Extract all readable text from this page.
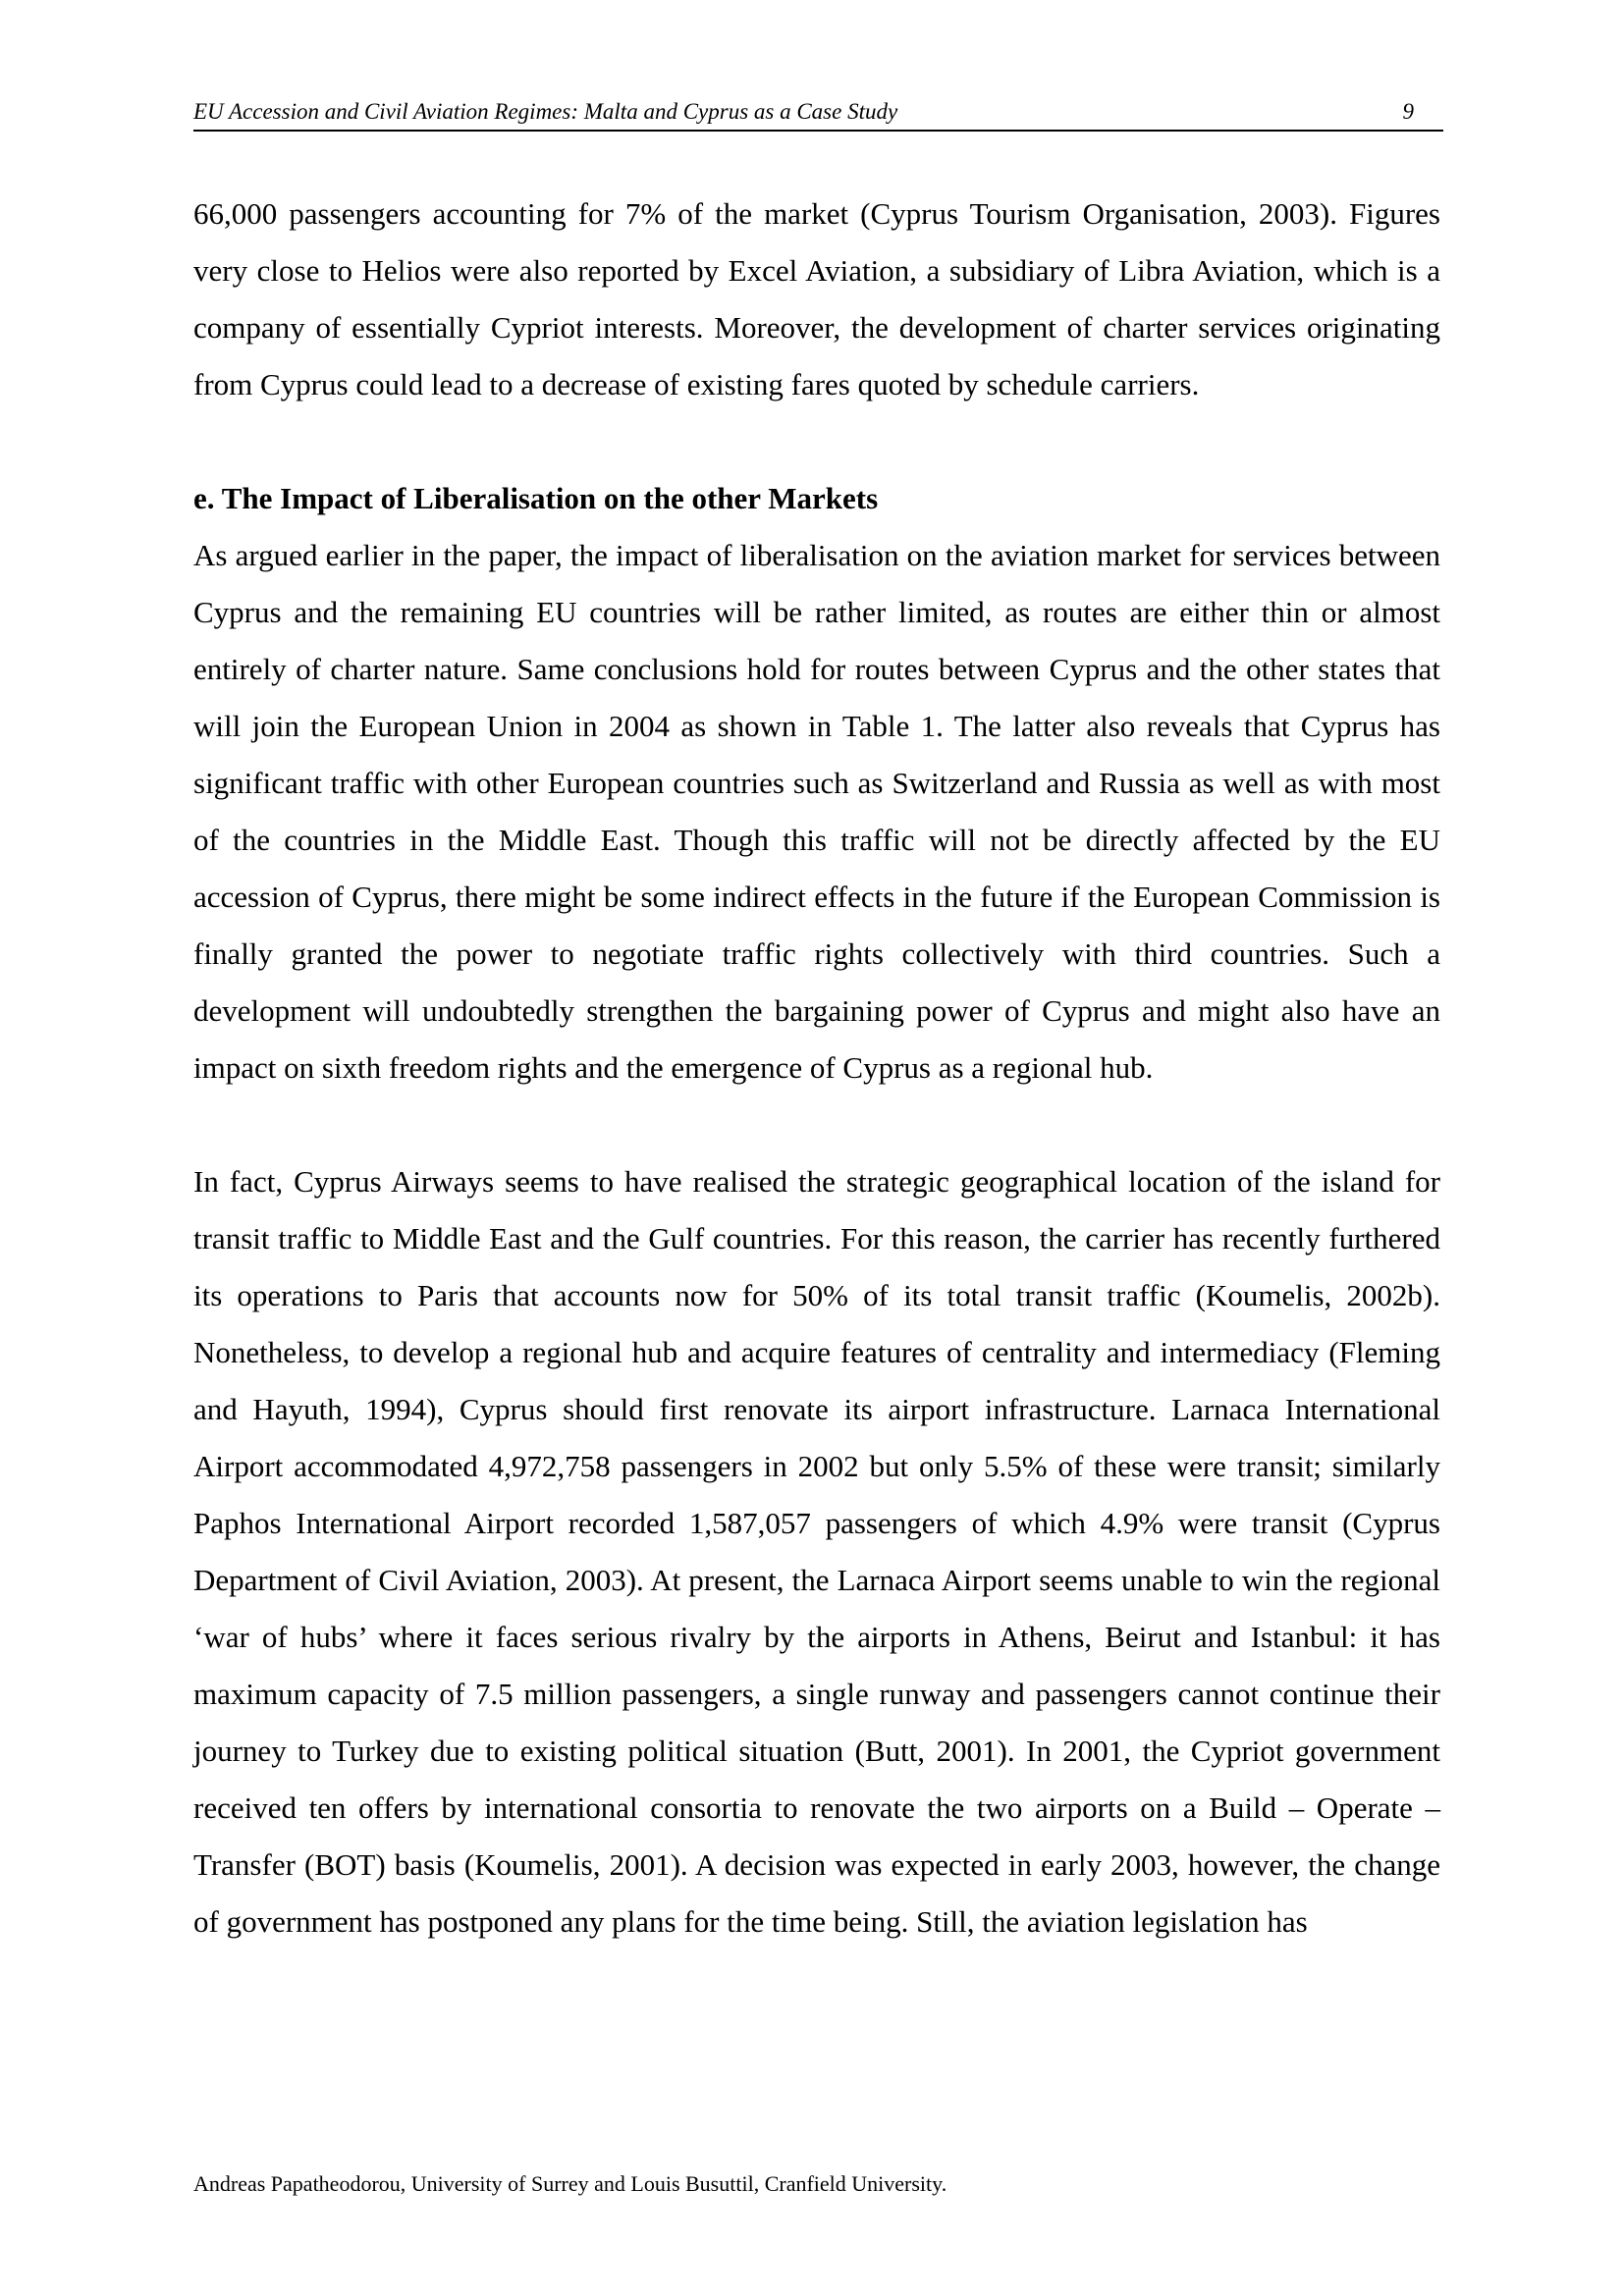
EU Accession and Civil Aviation Regimes: Malta and Cyprus as a Case Study	9

66,000 passengers accounting for 7% of the market (Cyprus Tourism Organisation, 2003). Figures very close to Helios were also reported by Excel Aviation, a subsidiary of Libra Aviation, which is a company of essentially Cypriot interests. Moreover, the development of charter services originating from Cyprus could lead to a decrease of existing fares quoted by schedule carriers.

e. The Impact of Liberalisation on the other Markets

As argued earlier in the paper, the impact of liberalisation on the aviation market for services between Cyprus and the remaining EU countries will be rather limited, as routes are either thin or almost entirely of charter nature. Same conclusions hold for routes between Cyprus and the other states that will join the European Union in 2004 as shown in Table 1. The latter also reveals that Cyprus has significant traffic with other European countries such as Switzerland and Russia as well as with most of the countries in the Middle East. Though this traffic will not be directly affected by the EU accession of Cyprus, there might be some indirect effects in the future if the European Commission is finally granted the power to negotiate traffic rights collectively with third countries. Such a development will undoubtedly strengthen the bargaining power of Cyprus and might also have an impact on sixth freedom rights and the emergence of Cyprus as a regional hub.

In fact, Cyprus Airways seems to have realised the strategic geographical location of the island for transit traffic to Middle East and the Gulf countries. For this reason, the carrier has recently furthered its operations to Paris that accounts now for 50% of its total transit traffic (Koumelis, 2002b). Nonetheless, to develop a regional hub and acquire features of centrality and intermediacy (Fleming and Hayuth, 1994), Cyprus should first renovate its airport infrastructure. Larnaca International Airport accommodated 4,972,758 passengers in 2002 but only 5.5% of these were transit; similarly Paphos International Airport recorded 1,587,057 passengers of which 4.9% were transit (Cyprus Department of Civil Aviation, 2003). At present, the Larnaca Airport seems unable to win the regional ‘war of hubs’ where it faces serious rivalry by the airports in Athens, Beirut and Istanbul: it has maximum capacity of 7.5 million passengers, a single runway and passengers cannot continue their journey to Turkey due to existing political situation (Butt, 2001). In 2001, the Cypriot government received ten offers by international consortia to renovate the two airports on a Build – Operate – Transfer (BOT) basis (Koumelis, 2001). A decision was expected in early 2003, however, the change of government has postponed any plans for the time being. Still, the aviation legislation has

Andreas Papatheodorou, University of Surrey and Louis Busuttil, Cranfield University.
